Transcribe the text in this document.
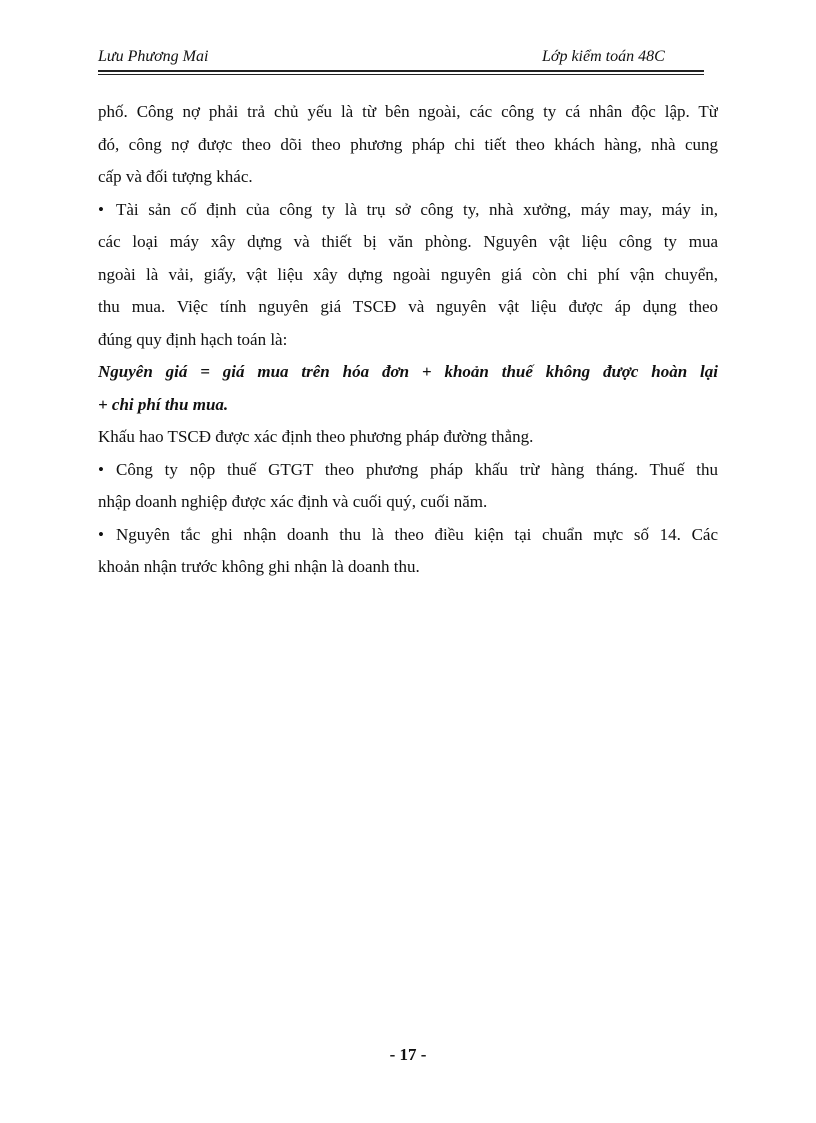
Lưu Phương Mai	Lớp kiểm toán 48C
phố. Công nợ phải trả chủ yếu là từ bên ngoài, các công ty cá nhân độc lập. Từ
đó, công nợ được theo dõi theo phương pháp chi tiết theo khách hàng, nhà cung
cấp và đối tượng khác.
• Tài sản cố định của công ty là trụ sở công ty, nhà xưởng, máy may, máy in,
các loại máy xây dựng và thiết bị văn phòng. Nguyên vật liệu công ty mua
ngoài là vải, giấy, vật liệu xây dựng ngoài nguyên giá còn chi phí vận chuyển,
thu mua. Việc tính nguyên giá TSCĐ và nguyên vật liệu được áp dụng theo
đúng quy định hạch toán là:
Nguyên giá = giá mua trên hóa đơn + khoản thuế không được hoàn lại
+ chi phí thu mua.
Khấu hao TSCĐ được xác định theo phương pháp đường thẳng.
• Công ty nộp thuế GTGT theo phương pháp khấu trừ hàng tháng. Thuế thu
nhập doanh nghiệp được xác định và cuối quý, cuối năm.
• Nguyên tắc ghi nhận doanh thu là theo điều kiện tại chuẩn mực số 14. Các
khoản nhận trước không ghi nhận là doanh thu.
- 17 -
